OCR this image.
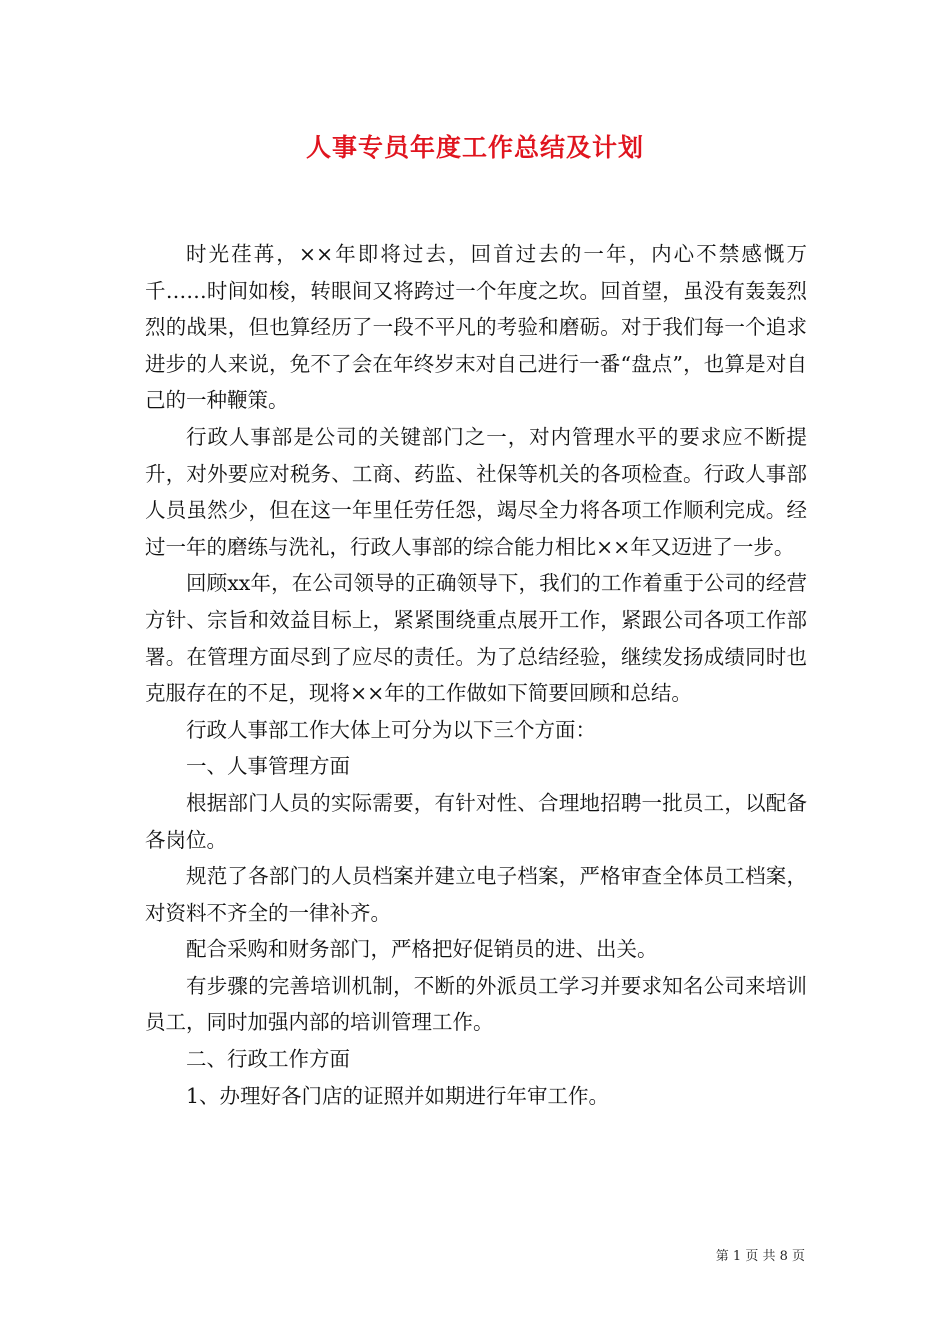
人事专员年度工作总结及计划

时光荏苒，××年即将过去，回首过去的一年，内心不禁感慨万千……时间如梭，转眼间又将跨过一个年度之坎。回首望，虽没有轰轰烈烈的战果，但也算经历了一段不平凡的考验和磨砺。对于我们每一个追求进步的人来说，免不了会在年终岁末对自己进行一番“盘点”，也算是对自己的一种鞭策。

行政人事部是公司的关键部门之一，对内管理水平的要求应不断提升，对外要应对税务、工商、药监、社保等机关的各项检查。行政人事部人员虽然少，但在这一年里任劳任怨，竭尽全力将各项工作顺利完成。经过一年的磨练与洗礼，行政人事部的综合能力相比××年又迈进了一步。

回顾xx年，在公司领导的正确领导下，我们的工作着重于公司的经营方针、宗旨和效益目标上，紧紧围绕重点展开工作，紧跟公司各项工作部署。在管理方面尽到了应尽的责任。为了总结经验，继续发扬成绩同时也克服存在的不足，现将××年的工作做如下简要回顾和总结。

行政人事部工作大体上可分为以下三个方面：

一、人事管理方面

根据部门人员的实际需要，有针对性、合理地招聘一批员工，以配备各岗位。

规范了各部门的人员档案并建立电子档案，严格审查全体员工档案，对资料不齐全的一律补齐。

配合采购和财务部门，严格把好促销员的进、出关。

有步骤的完善培训机制，不断的外派员工学习并要求知名公司来培训员工，同时加强内部的培训管理工作。

二、行政工作方面

1、办理好各门店的证照并如期进行年审工作。

第 1 页 共 8 页
